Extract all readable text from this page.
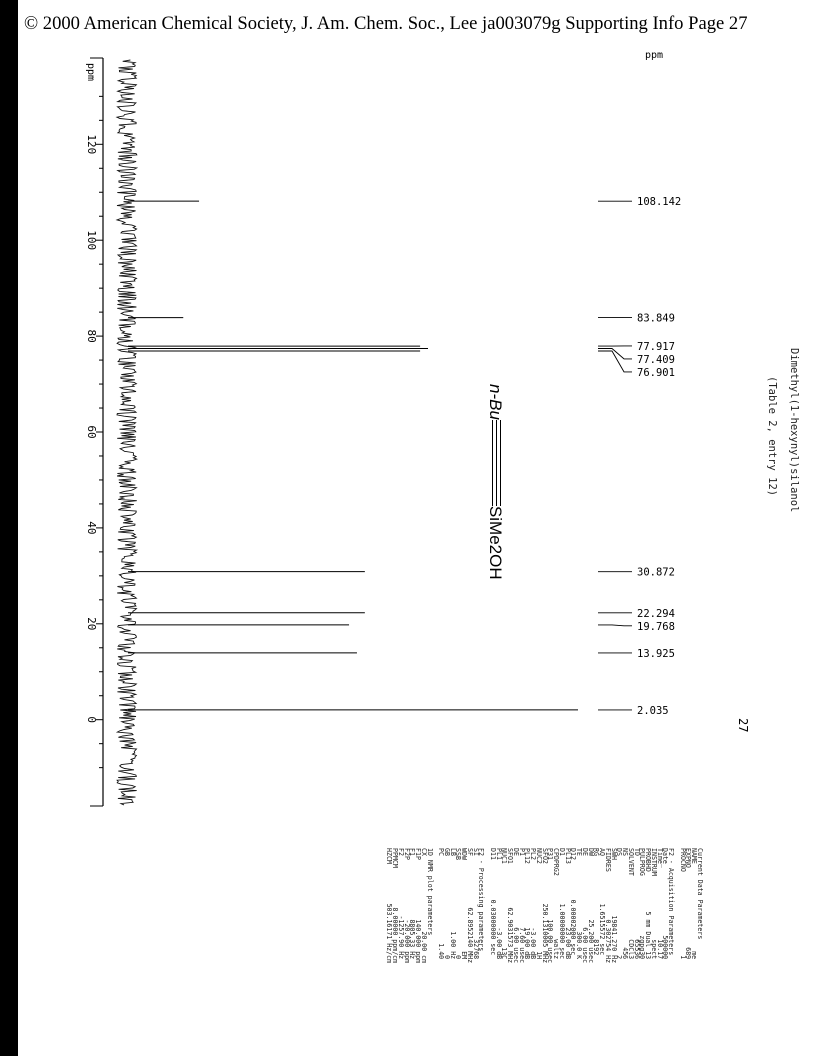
© 2000 American Chemical Society, J. Am. Chem. Soc., Lee ja003079g Supporting Info Page 27
120
100
80
60
40
20
0
ppm
ppm
108.142
83.849
77.917
77.409
76.901
30.872
22.294
19.768
13.925
2.035
Dimethyl(1-hexynyl)silanol
(Table 2, entry 12)
n-Bu
SiMe2OH
27
Current Data Parameters
NAME                      me
EXPNO                    689
PROCNO                     1
F2 - Acquisition Parameters
Date_                 500000
Time                   10.17
INSTRUM                spect
PROBHD          5 mm Dual 13
PULPROG               zgpg30
TD                     65536
SOLVENT                CDCl3
NS                       456
DS                         2
SWH              19841.270 Hz
FIDRES            0.302754 Hz
AQ            1.6515572 sec
RG                     8192
DW                25.200 usec
DE                  6.00 usec
TE                   300.0 K
D12          0.00002000 sec
PL13                23.00 dB
D1            1.00000000 sec
CPDPRG2                waltz
P31               100.00 usec
SFO2          250.1310005 MHz
NUC2                      1H
PL2                 -3.00 dB
PL12                19.00 dB
P1                  7.60 usec
DE                  6.00 usec
SFO1           62.9031573 MHz
NUC1                     13C
PL1                 -3.00 dB
D11          0.03000000 sec
F2 - Processing parameters
SI                     32768
SF             62.8952140 MHz
WDW                       EM
SSB                        0
LB                   1.00 Hz
GB                         0
PC                      1.40
1D NMR plot parameters
CX                   20.00 cm
F1P               140.000 ppm
F1                8805.33 Hz
F2P               -20.000 ppm
F2               -1257.90 Hz
PPMCM          8.00000 ppm/cm
HZCM          503.16171 Hz/cm
